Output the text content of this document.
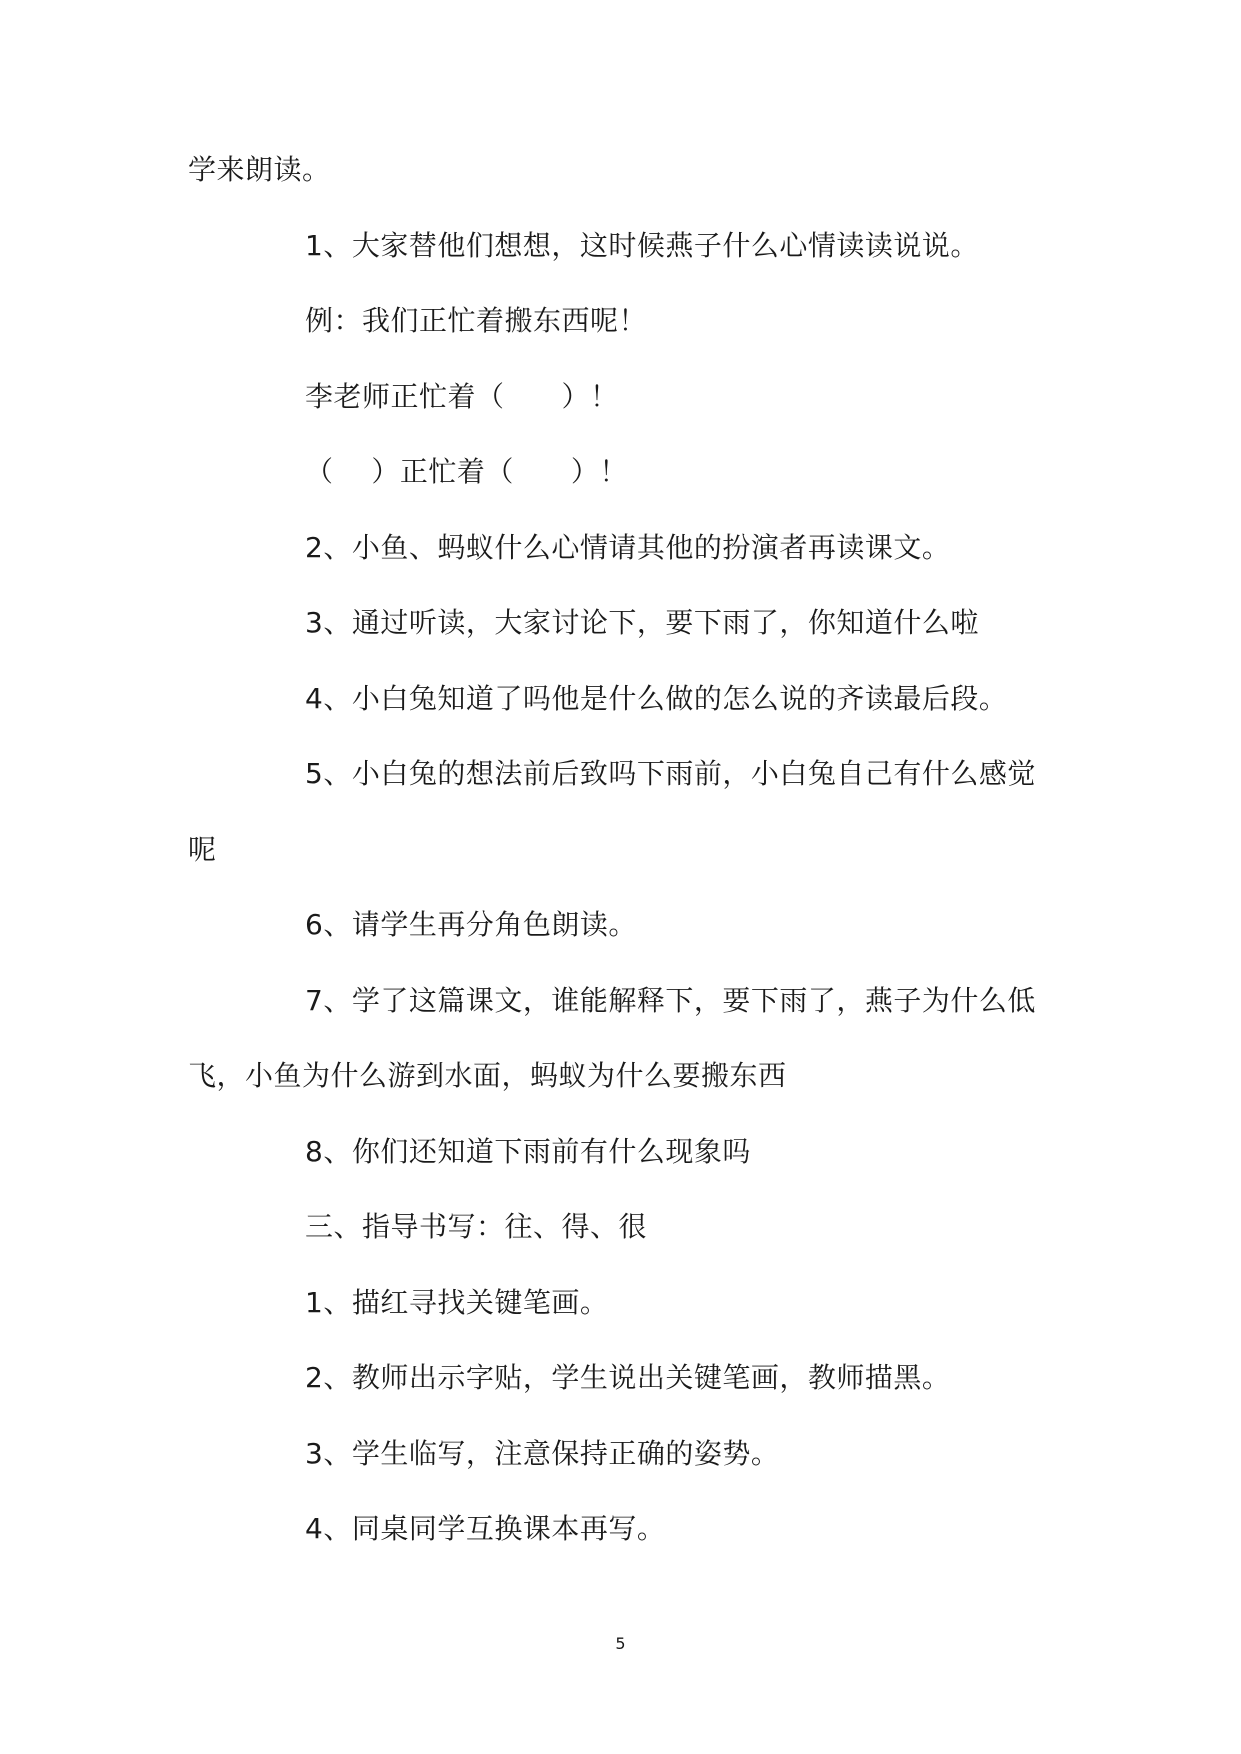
学来朗读。
1、大家替他们想想，这时候燕子什么心情读读说说。
例：我们正忙着搬东西呢！
李老师正忙着（　　）！
（　 ）正忙着（　　）！
2、小鱼、蚂蚁什么心情请其他的扮演者再读课文。
3、通过听读，大家讨论下，要下雨了，你知道什么啦
4、小白兔知道了吗他是什么做的怎么说的齐读最后段。
5、小白兔的想法前后致吗下雨前，小白兔自己有什么感觉
呢
6、请学生再分角色朗读。
7、学了这篇课文，谁能解释下，要下雨了，燕子为什么低
飞，小鱼为什么游到水面，蚂蚁为什么要搬东西
8、你们还知道下雨前有什么现象吗
三、指导书写：往、得、很
1、描红寻找关键笔画。
2、教师出示字贴，学生说出关键笔画，教师描黑。
3、学生临写，注意保持正确的姿势。
4、同桌同学互换课本再写。
5
